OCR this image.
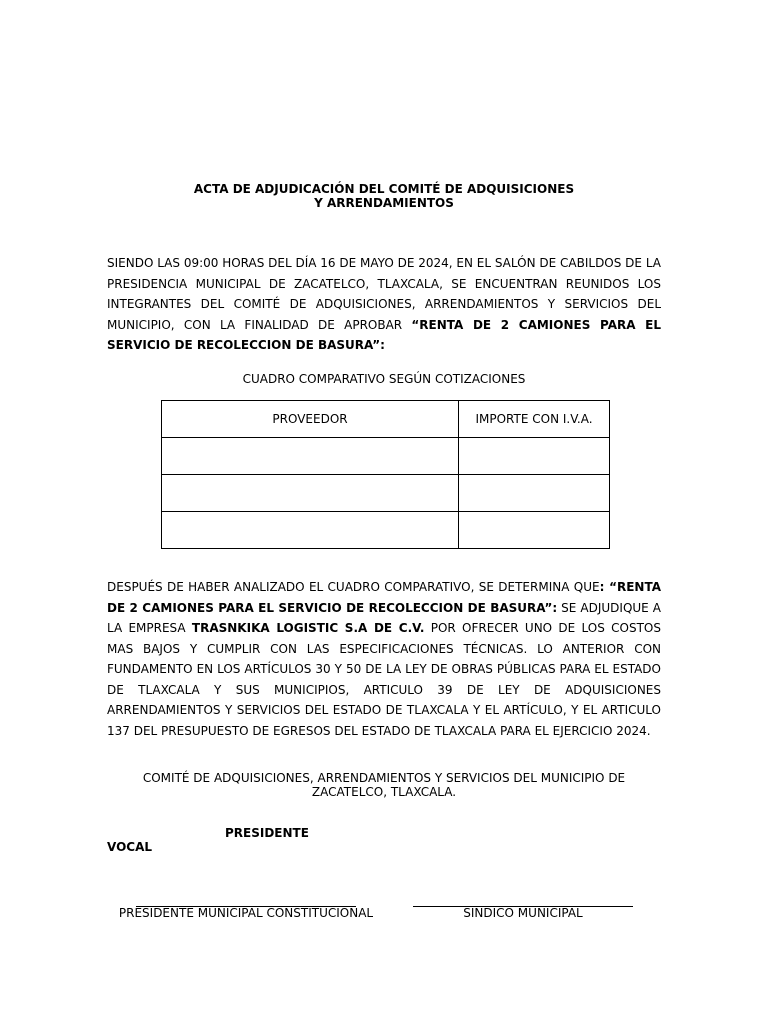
ACTA DE ADJUDICACIÓN DEL COMITÉ DE ADQUISICIONES
Y ARRENDAMIENTOS

SIENDO LAS 09:00 HORAS DEL DÍA 16 DE MAYO DE 2024, EN EL SALÓN DE CABILDOS DE LA PRESIDENCIA MUNICIPAL DE ZACATELCO, TLAXCALA, SE ENCUENTRAN REUNIDOS LOS INTEGRANTES DEL COMITÉ DE ADQUISICIONES, ARRENDAMIENTOS Y SERVICIOS DEL MUNICIPIO, CON LA FINALIDAD DE APROBAR “RENTA DE 2 CAMIONES PARA EL SERVICIO DE RECOLECCION DE BASURA”:

CUADRO COMPARATIVO SEGÚN COTIZACIONES
PROVEEDOR	IMPORTE CON I.V.A.

DESPUÉS DE HABER ANALIZADO EL CUADRO COMPARATIVO, SE DETERMINA QUE: “RENTA DE 2 CAMIONES PARA EL SERVICIO DE RECOLECCION DE BASURA”: SE ADJUDIQUE A LA EMPRESA TRASNKIKA LOGISTIC S.A DE C.V. POR OFRECER UNO DE LOS COSTOS MAS BAJOS Y CUMPLIR CON LAS ESPECIFICACIONES TÉCNICAS. LO ANTERIOR CON FUNDAMENTO EN LOS ARTÍCULOS 30 Y 50 DE LA LEY DE OBRAS PÚBLICAS PARA EL ESTADO DE TLAXCALA Y SUS MUNICIPIOS, ARTICULO 39 DE LEY DE ADQUISICIONES ARRENDAMIENTOS Y SERVICIOS DEL ESTADO DE TLAXCALA Y EL ARTÍCULO, Y EL ARTICULO 137 DEL PRESUPUESTO DE EGRESOS DEL ESTADO DE TLAXCALA PARA EL EJERCICIO 2024.

COMITÉ DE ADQUISICIONES, ARRENDAMIENTOS Y SERVICIOS DEL MUNICIPIO DE ZACATELCO, TLAXCALA.
PRESIDENTE
VOCAL
PRESIDENTE MUNICIPAL CONSTITUCIONAL	SINDICO MUNICIPAL
